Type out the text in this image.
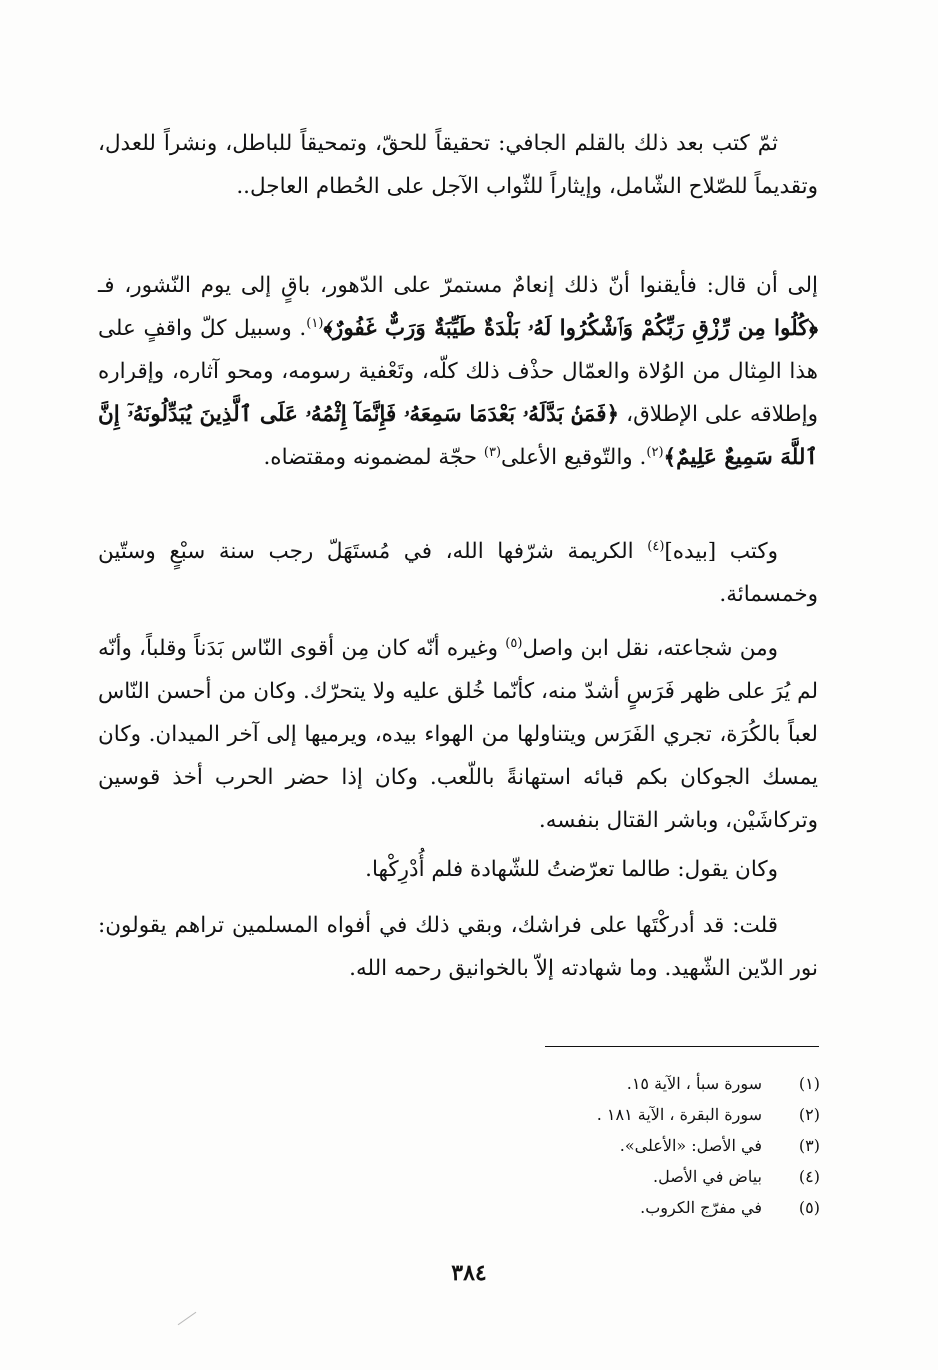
ثمّ كتب بعد ذلك بالقلم الجافي: تحقيقاً للحقّ، وتمحيقاً للباطل، ونشراً للعدل، وتقديماً للصّلاح الشّامل، وإيثاراً للثّواب الآجل على الحُطام العاجل..

إلى أن قال: فأيقنوا أنّ ذلك إنعامٌ مستمرّ على الدّهور، باقٍ إلى يوم النّشور، فـ ﴿كُلُوا مِن رِّزْقِ رَبِّكُمْ وَٱشْكُرُوا لَهُۥ بَلْدَةٌ طَيِّبَةٌ وَرَبٌّ غَفُورٌ﴾$^{(١)}$. وسبيل كلّ واقفٍ على هذا المِثال من الوُلاة والعمّال حذْف ذلك كلّه، وتَعْفية رسومه، ومحو آثاره، وإقراره وإطلاقه على الإطلاق، ﴿فَمَنۢ بَدَّلَهُۥ بَعْدَمَا سَمِعَهُۥ فَإِنَّمَآ إِثْمُهُۥ عَلَى ٱلَّذِينَ يُبَدِّلُونَهُۥٓ إِنَّ ٱللَّهَ سَمِيعٌ عَلِيمٌ﴾$^{(٢)}$. والتّوقيع الأعلى$^{(٣)}$ حجّة لمضمونه ومقتضاه.

وكتب [بيده]$^{(٤)}$ الكريمة شرّفها الله، في مُستَهَلّ رجب سنة سبْعٍ وستّين وخمسمائة.

ومن شجاعته، نقل ابن واصل$^{(٥)}$ وغيره أنّه كان مِن أقوى النّاس بَدَناً وقلباً، وأنّه لم يُرَ على ظهر فَرَسٍ أشدّ منه، كأنّما خُلق عليه ولا يتحرّك. وكان من أحسن النّاس لعباً بالكُرَة، تجري الفَرَس ويتناولها من الهواء بيده، ويرميها إلى آخر الميدان. وكان يمسك الجوكان بكم قبائه استهانةً باللّعب. وكان إذا حضر الحرب أخذ قوسين وتركاشَيْن، وباشر القتال بنفسه.

وكان يقول: طالما تعرّضتُ للشّهادة فلم أُدْرِكْها.

قلت: قد أدركْتَها على فراشك، وبقي ذلك في أفواه المسلمين تراهم يقولون: نور الدّين الشّهيد. وما شهادته إلاّ بالخوانيق رحمه الله.

(١)
سورة سبأ ، الآية ١٥.
(٢)
سورة البقرة ، الآية ١٨١ .
(٣)
في الأصل: «الأعلى».
(٤)
بياض في الأصل.
(٥)
في مفرّج الكروب.
٣٨٤
